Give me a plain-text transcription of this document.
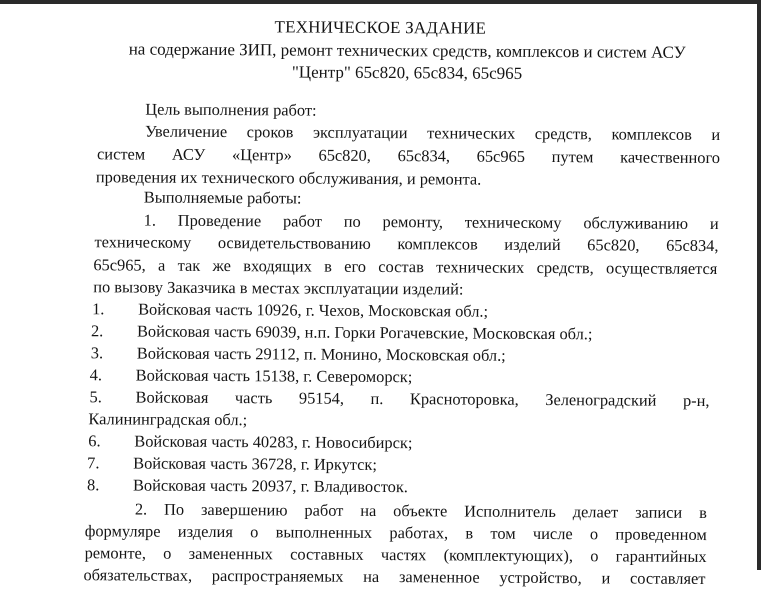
ТЕХНИЧЕСКОЕ ЗАДАНИЕ
на содержание ЗИП, ремонт технических средств, комплексов и систем АСУ
"Центр" 65с820, 65с834, 65с965
Цель выполнения работ:
Увеличение сроков эксплуатации технических средств, комплексов и
систем АСУ «Центр» 65с820, 65с834, 65с965 путем качественного
проведения их технического обслуживания, и ремонта.
Выполняемые работы:
1. Проведение работ по ремонту, техническому обслуживанию и
техническому освидетельствованию комплексов изделий 65с820, 65с834,
65с965, а так же входящих в его состав технических средств, осуществляется
по вызову Заказчика в местах эксплуатации изделий:
1. Войсковая часть 10926, г. Чехов, Московская обл.;
2. Войсковая часть 69039, н.п. Горки Рогачевские, Московская обл.;
3. Войсковая часть 29112, п. Монино, Московская обл.;
4. Войсковая часть 15138, г. Североморск;
5. Войсковая часть 95154, п. Красноторовка, Зеленоградский р-н,
Калининградская обл.;
6. Войсковая часть 40283, г. Новосибирск;
7. Войсковая часть 36728, г. Иркутск;
8. Войсковая часть 20937, г. Владивосток.
2. По завершению работ на объекте Исполнитель делает записи в
формуляре изделия о выполненных работах, в том числе о проведенном
ремонте, о замененных составных частях (комплектующих), о гарантийных
обязательствах, распространяемых на замененное устройство, и составляет
